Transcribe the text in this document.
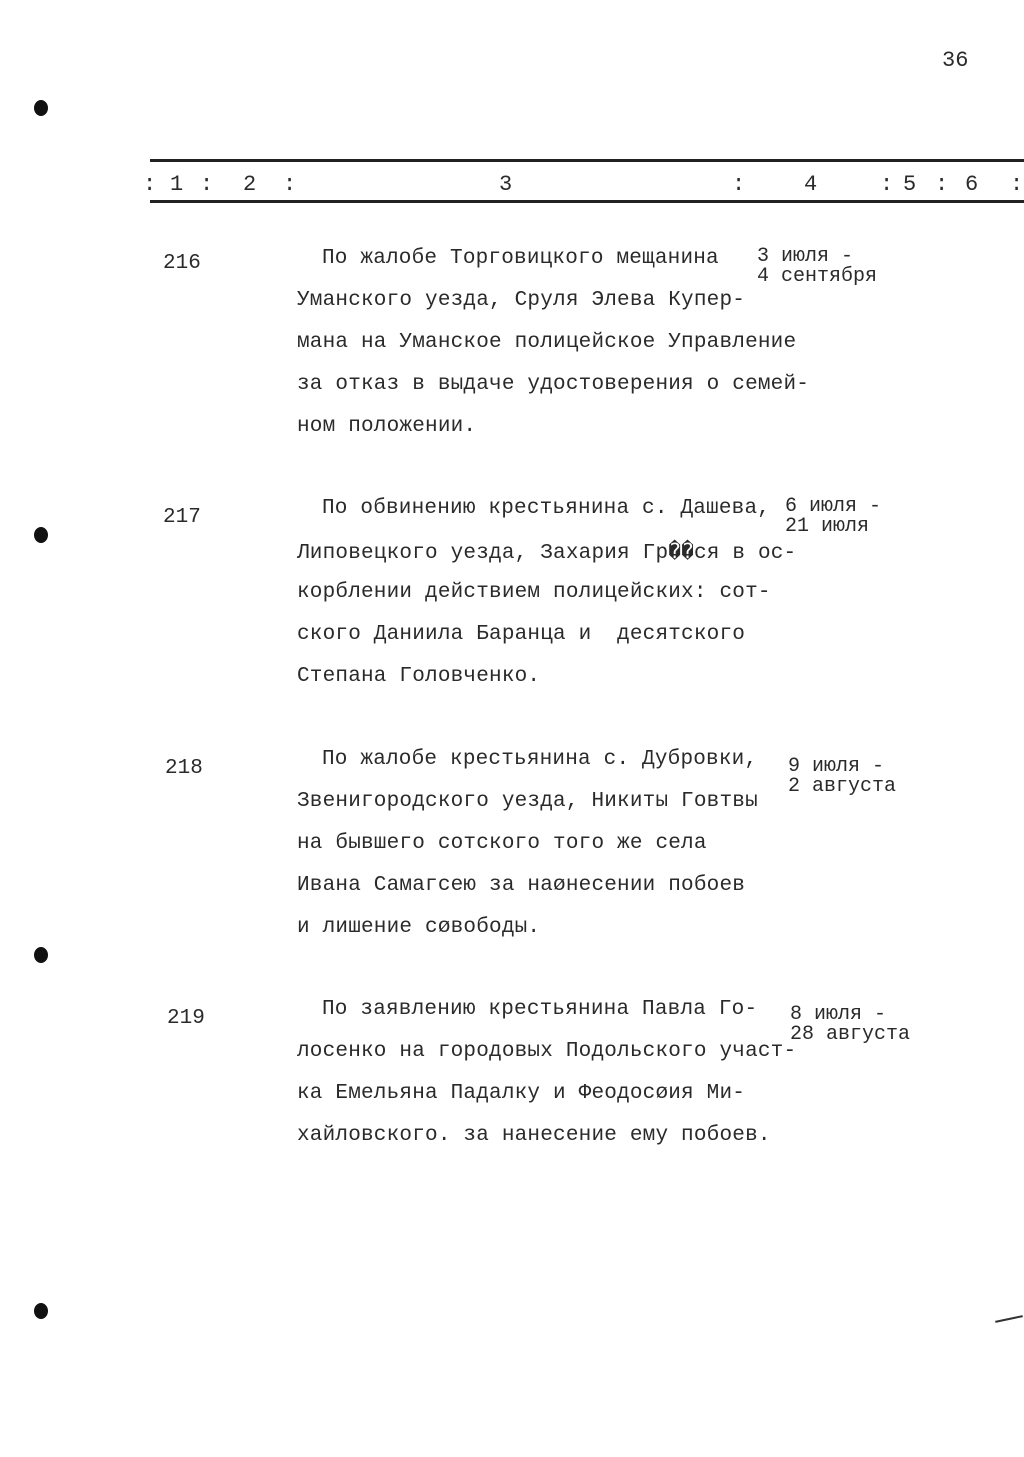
36
: 1 : 2 :	3	:	4	: 5 : 6 :
216	По жалобе Торговицкого мещанина
Уманского уезда, Сруля Элева Купер-
мана на Уманское полицейское Управление
за отказ в выдаче удостоверения о семей-
ном положении.
3 июля -
4 сентября
217	По обвинению крестьянина с. Дашева,
Липовецкого уезда, Захария Гр��ся в ос-
корблении действием полицейских: сот-
ского Даниила Баранца и  десятского
Степана Головченко.
6 июля -
21 июля
218	По жалобе крестьянина с. Дубровки,
Звенигородского уезда, Никиты Говтвы
на бывшего сотского того же села
Ивана Самагсею за наøнесении побоев
и лишение сøвободы.
9 июля -
2 августа
219	По заявлению крестьянина Павла Го-
лосенко на городовых Подольского участ-
ка Емельяна Падалку и Феодосøия Ми-
хайловского. за нанесение ему побоев.
8 июля -
28 августа
